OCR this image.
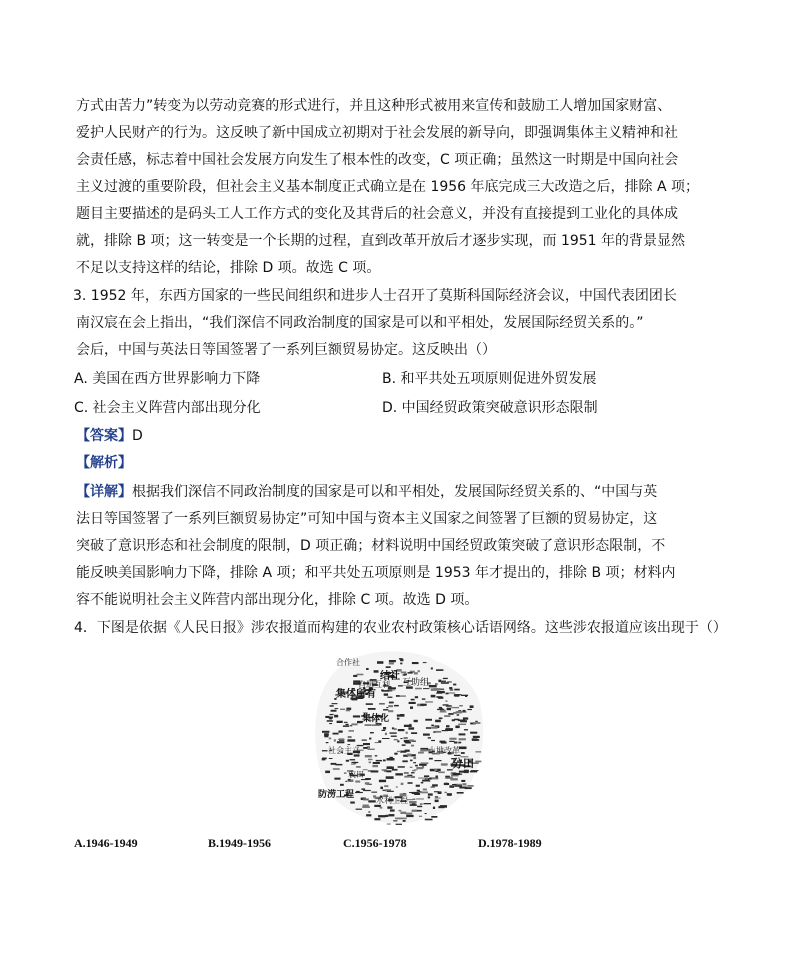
方式由苦力”转变为以劳动竞赛的形式进行，并且这种形式被用来宣传和鼓励工人增加国家财富、
爱护人民财产的行为。这反映了新中国成立初期对于社会发展的新导向，即强调集体主义精神和社
会责任感，标志着中国社会发展方向发生了根本性的改变，C 项正确；虽然这一时期是中国向社会
主义过渡的重要阶段，但社会主义基本制度正式确立是在 1956 年底完成三大改造之后，排除 A 项；
题目主要描述的是码头工人工作方式的变化及其背后的社会意义，并没有直接提到工业化的具体成
就，排除 B 项；这一转变是一个长期的过程，直到改革开放后才逐步实现，而 1951 年的背景显然
不足以支持这样的结论，排除 D 项。故选 C 项。
3. 1952 年，东西方国家的一些民间组织和进步人士召开了莫斯科国际经济会议，中国代表团团长
南汉宸在会上指出，“我们深信不同政治制度的国家是可以和平相处，发展国际经贸关系的。”
会后，中国与英法日等国签署了一系列巨额贸易协定。这反映出（）
A. 美国在西方世界影响力下降	B. 和平共处五项原则促进外贸发展
C. 社会主义阵营内部出现分化	D. 中国经贸政策突破意识形态限制
【答案】D
【解析】
【详解】根据我们深信不同政治制度的国家是可以和平相处，发展国际经贸关系的、“中国与英
法日等国签署了一系列巨额贸易协定”可知中国与资本主义国家之间签署了巨额的贸易协定，这
突破了意识形态和社会制度的限制，D 项正确；材料说明中国经贸政策突破了意识形态限制，不
能反映美国影响力下降，排除 A 项；和平共处五项原则是 1953 年才提出的，排除 B 项；材料内
容不能说明社会主义阵营内部出现分化，排除 C 项。故选 D 项。
4．下图是依据《人民日报》涉农报道而构建的农业农村政策核心话语网络。这些涉农报道应该出现于（）
合作社
结社
互助组
集体所有
自愿互利
集体化
土地改革
分田
社会主义
防涝工程
水利工程
农田
A.1946-1949	B.1949-1956	C.1956-1978	D.1978-1989
